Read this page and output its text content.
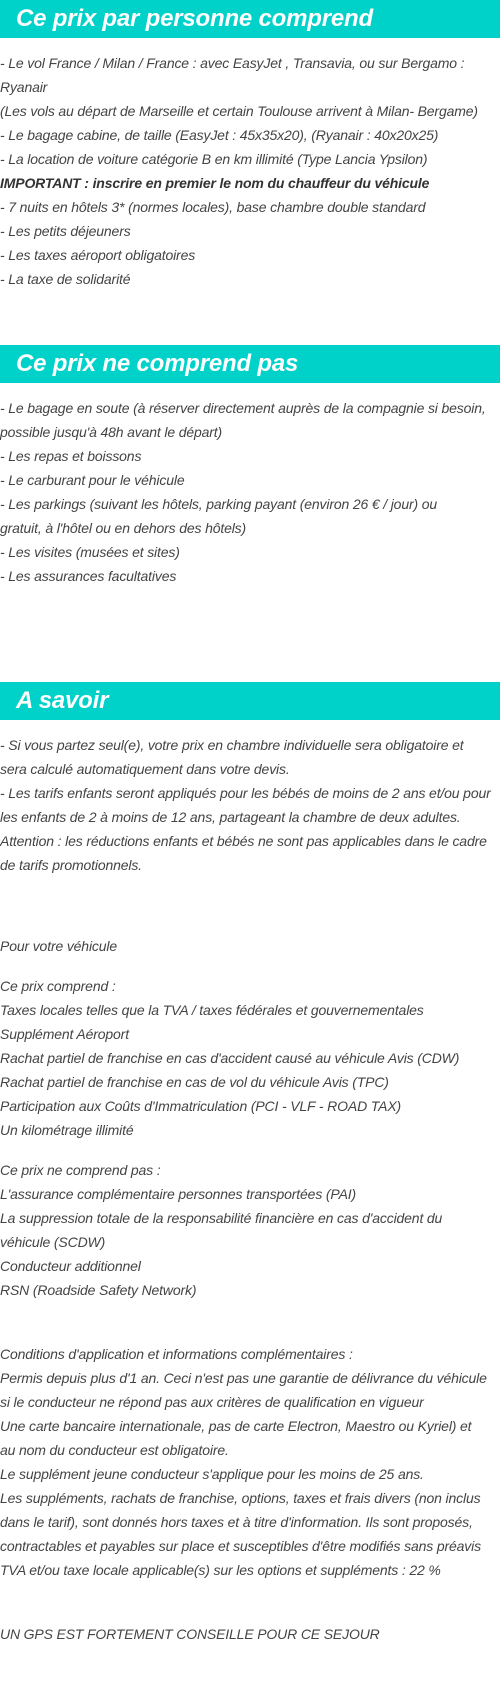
Ce prix par personne comprend

- Le vol France / Milan / France : avec EasyJet , Transavia, ou sur Bergamo :

Ryanair

(Les vols au départ de Marseille et certain Toulouse arrivent à Milan- Bergame)

- Le bagage cabine, de taille (EasyJet : 45x35x20), (Ryanair : 40x20x25)

- La location de voiture catégorie B en km illimité (Type Lancia Ypsilon)

IMPORTANT : inscrire en premier le nom du chauffeur du véhicule

- 7 nuits en hôtels 3* (normes locales), base chambre double standard

- Les petits déjeuners

- Les taxes aéroport obligatoires

- La taxe de solidarité

Ce prix ne comprend pas

- Le bagage en soute (à réserver directement auprès de la compagnie si besoin,

possible jusqu'à 48h avant le départ)

- Les repas et boissons

- Le carburant pour le véhicule

- Les parkings (suivant les hôtels, parking payant (environ 26 € / jour) ou

gratuit, à l'hôtel ou en dehors des hôtels)

- Les visites (musées et sites)

- Les assurances facultatives

A savoir

- Si vous partez seul(e), votre prix en chambre individuelle sera obligatoire et

sera calculé automatiquement dans votre devis.

- Les tarifs enfants seront appliqués pour les bébés de moins de 2 ans et/ou pour

les enfants de 2 à moins de 12 ans, partageant la chambre de deux adultes.

Attention : les réductions enfants et bébés ne sont pas applicables dans le cadre

de tarifs promotionnels.

Pour votre véhicule

Ce prix comprend :

Taxes locales telles que la TVA / taxes fédérales et gouvernementales

Supplément Aéroport

Rachat partiel de franchise en cas d'accident causé au véhicule Avis (CDW)

Rachat partiel de franchise en cas de vol du véhicule Avis (TPC)

Participation aux Coûts d'Immatriculation (PCI - VLF - ROAD TAX)

Un kilométrage illimité

Ce prix ne comprend pas :

L'assurance complémentaire personnes transportées (PAI)

La suppression totale de la responsabilité financière en cas d'accident du

véhicule (SCDW)

Conducteur additionnel

RSN (Roadside Safety Network)

Conditions d'application et informations complémentaires :

Permis depuis plus d'1 an. Ceci n'est pas une garantie de délivrance du véhicule

si le conducteur ne répond pas aux critères de qualification en vigueur

Une carte bancaire internationale, pas de carte Electron, Maestro ou Kyriel) et

au nom du conducteur est obligatoire.

Le supplément jeune conducteur s'applique pour les moins de 25 ans.

Les suppléments, rachats de franchise, options, taxes et frais divers (non inclus

dans le tarif), sont donnés hors taxes et à titre d'information. Ils sont proposés,

contractables et payables sur place et susceptibles d'être modifiés sans préavis

TVA et/ou taxe locale applicable(s) sur les options et suppléments : 22 %

UN GPS EST FORTEMENT CONSEILLE POUR CE SEJOUR
